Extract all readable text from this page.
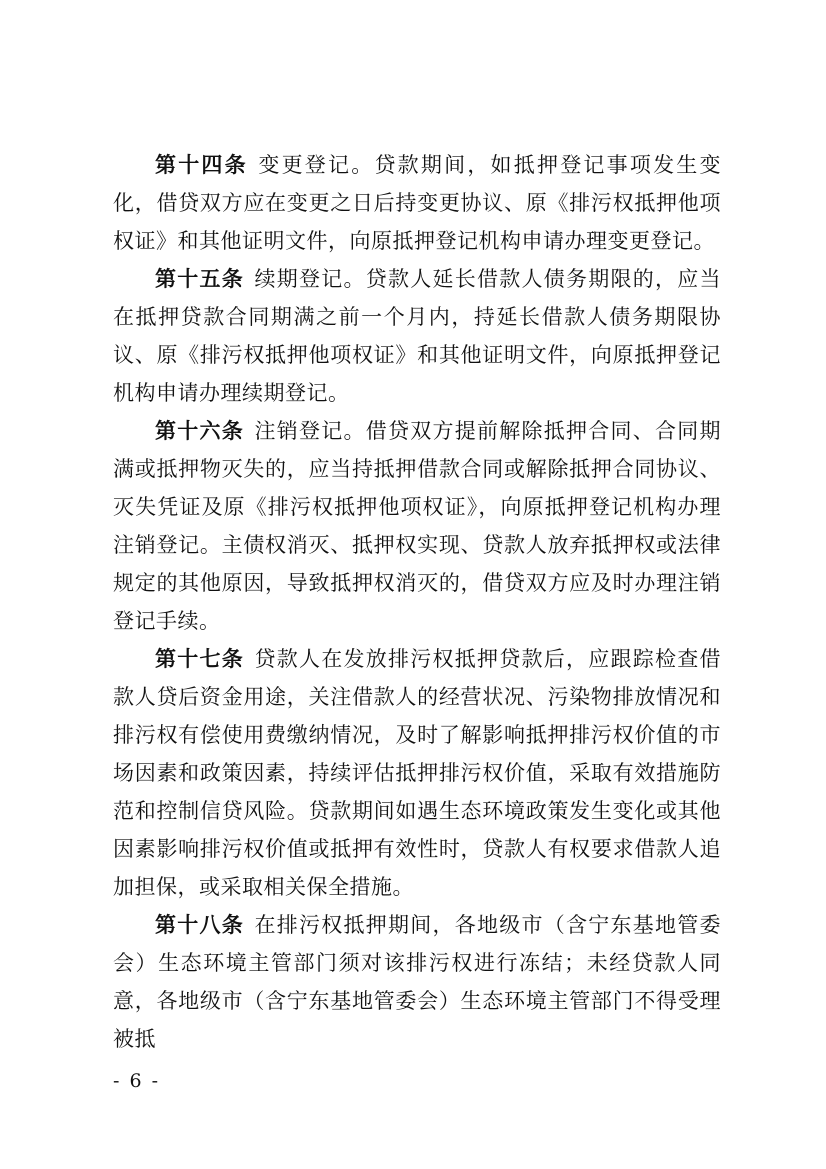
第十四条 变更登记。贷款期间，如抵押登记事项发生变化，借贷双方应在变更之日后持变更协议、原《排污权抵押他项权证》和其他证明文件，向原抵押登记机构申请办理变更登记。

第十五条 续期登记。贷款人延长借款人债务期限的，应当在抵押贷款合同期满之前一个月内，持延长借款人债务期限协议、原《排污权抵押他项权证》和其他证明文件，向原抵押登记机构申请办理续期登记。

第十六条 注销登记。借贷双方提前解除抵押合同、合同期满或抵押物灭失的，应当持抵押借款合同或解除抵押合同协议、灭失凭证及原《排污权抵押他项权证》，向原抵押登记机构办理注销登记。主债权消灭、抵押权实现、贷款人放弃抵押权或法律规定的其他原因，导致抵押权消灭的，借贷双方应及时办理注销登记手续。

第十七条 贷款人在发放排污权抵押贷款后，应跟踪检查借款人贷后资金用途，关注借款人的经营状况、污染物排放情况和排污权有偿使用费缴纳情况，及时了解影响抵押排污权价值的市场因素和政策因素，持续评估抵押排污权价值，采取有效措施防范和控制信贷风险。贷款期间如遇生态环境政策发生变化或其他因素影响排污权价值或抵押有效性时，贷款人有权要求借款人追加担保，或采取相关保全措施。

第十八条 在排污权抵押期间，各地级市（含宁东基地管委会）生态环境主管部门须对该排污权进行冻结；未经贷款人同意，各地级市（含宁东基地管委会）生态环境主管部门不得受理被抵

- 6 -
